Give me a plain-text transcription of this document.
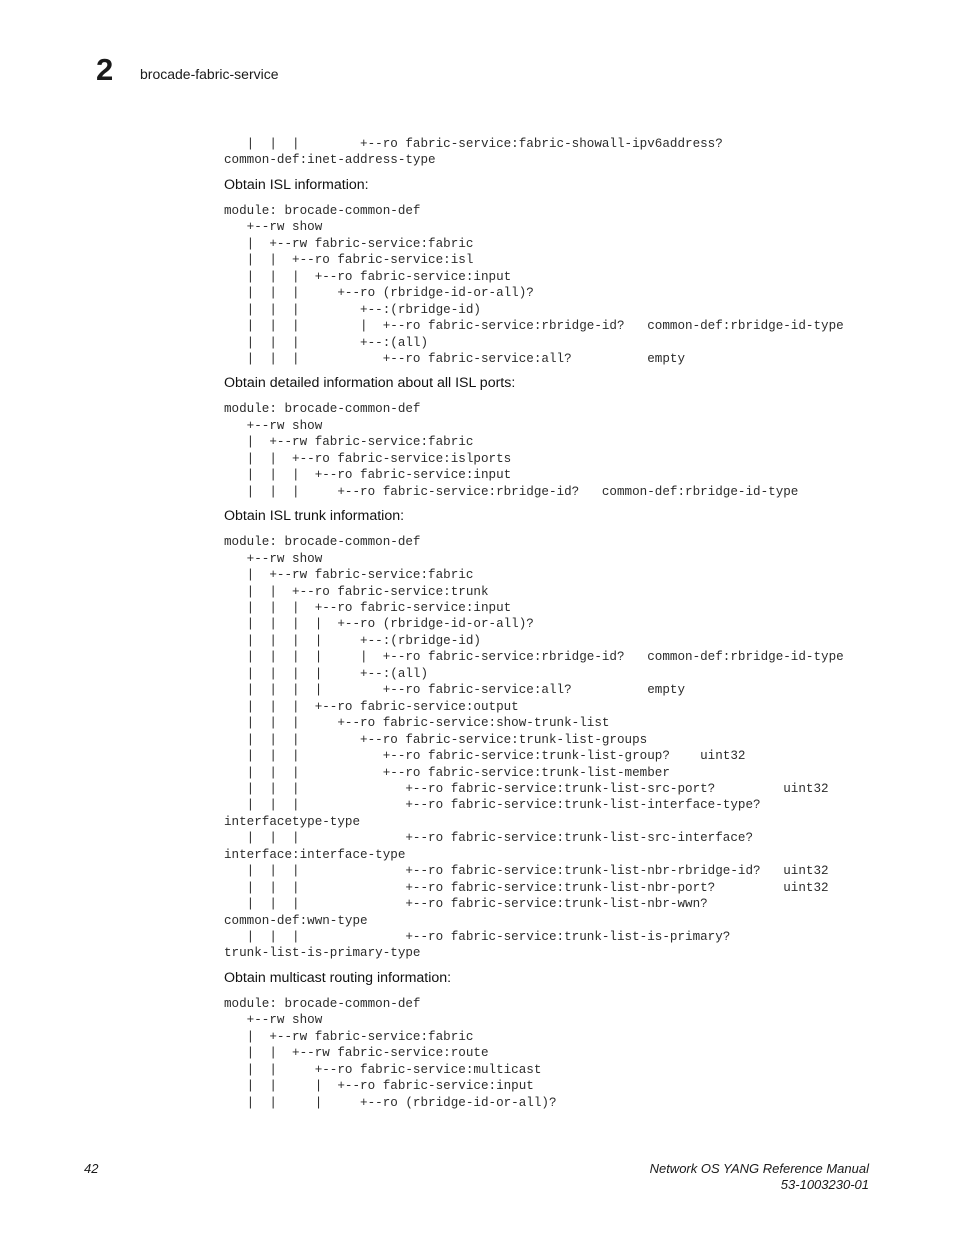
2 brocade-fabric-service
|  |  |        +--ro fabric-service:fabric-showall-ipv6address?
common-def:inet-address-type
Obtain ISL information:
module: brocade-common-def
+--rw show
|  +--rw fabric-service:fabric
|  |  +--ro fabric-service:isl
|  |  |  +--ro fabric-service:input
|  |  |     +--ro (rbridge-id-or-all)?
|  |  |        +--:(rbridge-id)
|  |  |        |  +--ro fabric-service:rbridge-id?   common-def:rbridge-id-type
|  |  |        +--:(all)
|  |  |           +--ro fabric-service:all?          empty
Obtain detailed information about all ISL ports:
module: brocade-common-def
+--rw show
|  +--rw fabric-service:fabric
|  |  +--ro fabric-service:islports
|  |  |  +--ro fabric-service:input
|  |  |     +--ro fabric-service:rbridge-id?   common-def:rbridge-id-type
Obtain ISL trunk information:
module: brocade-common-def
+--rw show
|  +--rw fabric-service:fabric
|  |  +--ro fabric-service:trunk
|  |  |  +--ro fabric-service:input
|  |  |  |  +--ro (rbridge-id-or-all)?
|  |  |  |     +--:(rbridge-id)
|  |  |  |     |  +--ro fabric-service:rbridge-id?   common-def:rbridge-id-type
|  |  |  |     +--:(all)
|  |  |  |        +--ro fabric-service:all?          empty
|  |  |  +--ro fabric-service:output
|  |  |     +--ro fabric-service:show-trunk-list
|  |  |        +--ro fabric-service:trunk-list-groups
|  |  |           +--ro fabric-service:trunk-list-group?    uint32
|  |  |           +--ro fabric-service:trunk-list-member
|  |  |              +--ro fabric-service:trunk-list-src-port?         uint32
|  |  |              +--ro fabric-service:trunk-list-interface-type?
interfacetype-type
|  |  |              +--ro fabric-service:trunk-list-src-interface?
interface:interface-type
|  |  |              +--ro fabric-service:trunk-list-nbr-rbridge-id?   uint32
|  |  |              +--ro fabric-service:trunk-list-nbr-port?         uint32
|  |  |              +--ro fabric-service:trunk-list-nbr-wwn?
common-def:wwn-type
|  |  |              +--ro fabric-service:trunk-list-is-primary?
trunk-list-is-primary-type
Obtain multicast routing information:
module: brocade-common-def
+--rw show
|  +--rw fabric-service:fabric
|  |  +--rw fabric-service:route
|  |     +--ro fabric-service:multicast
|  |     |  +--ro fabric-service:input
|  |     |     +--ro (rbridge-id-or-all)?
42	Network OS YANG Reference Manual
53-1003230-01
